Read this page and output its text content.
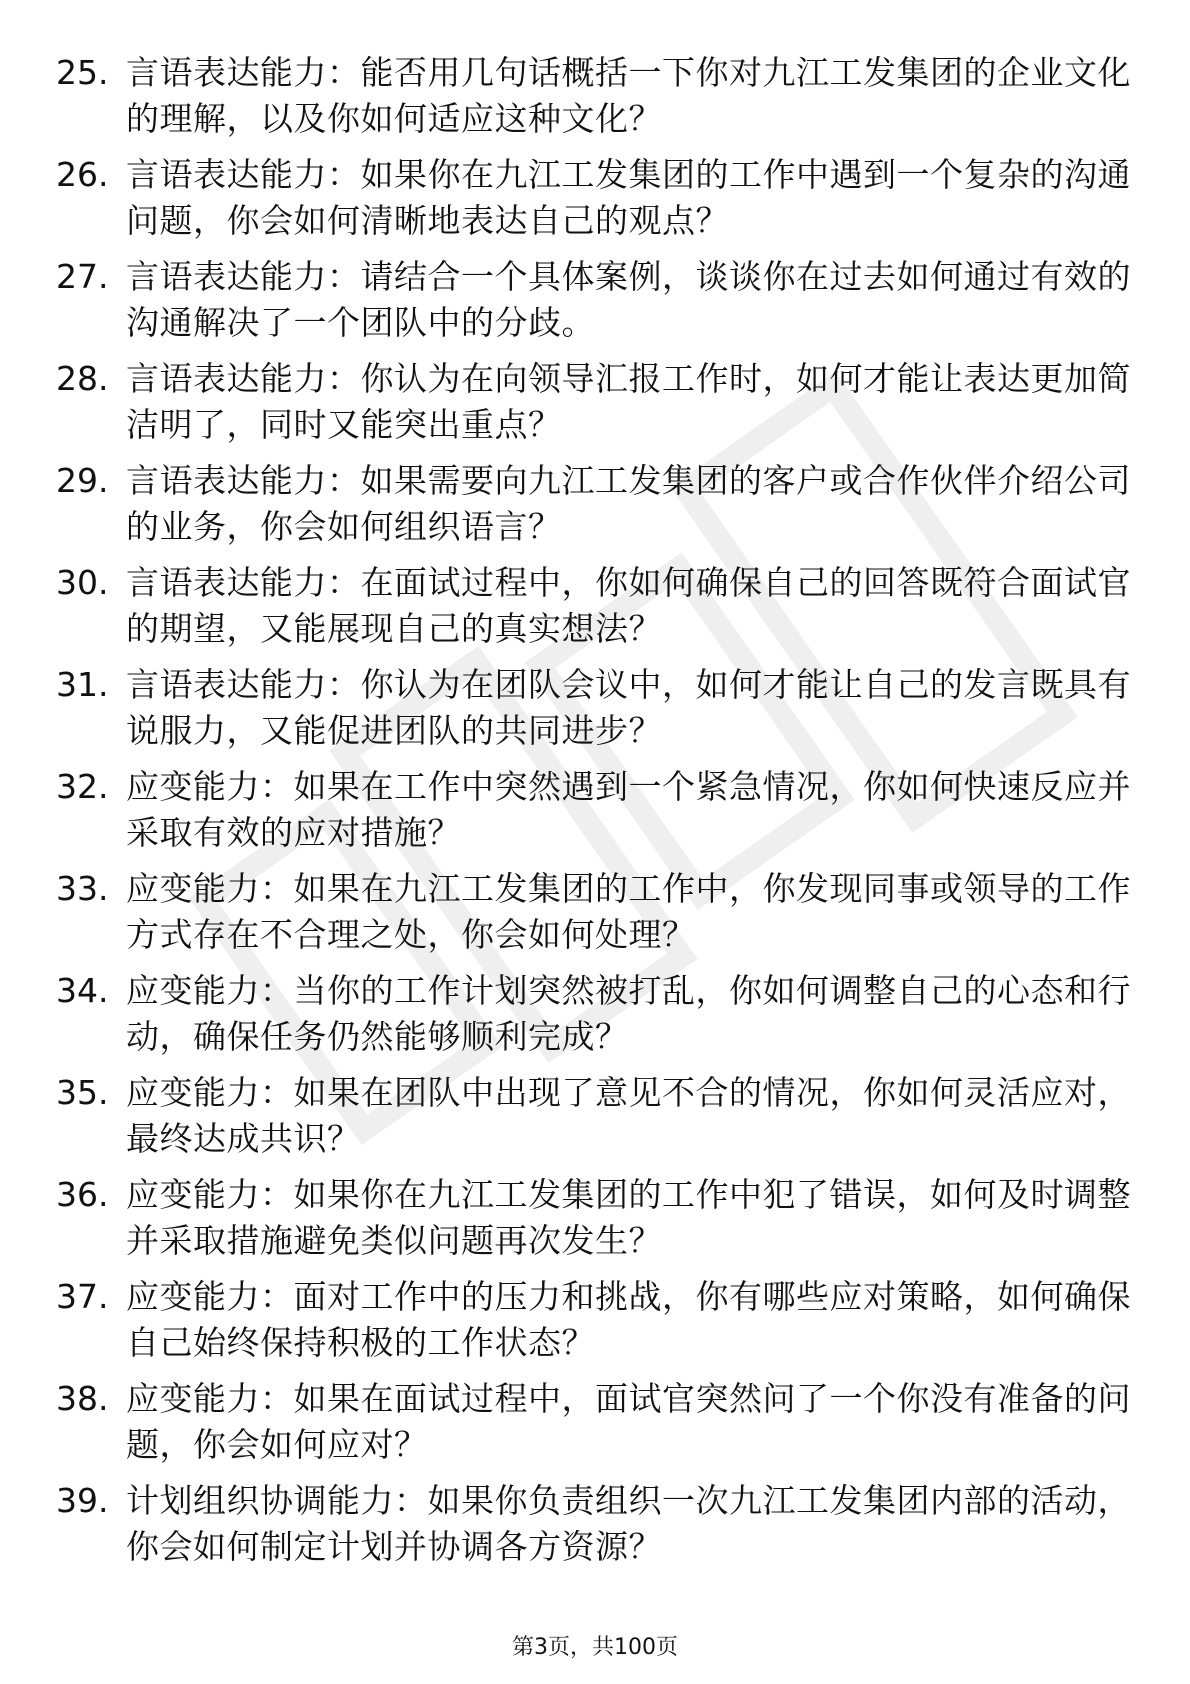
25. 言语表达能力：能否用几句话概括一下你对九江工发集团的企业文化的理解，以及你如何适应这种文化？
26. 言语表达能力：如果你在九江工发集团的工作中遇到一个复杂的沟通问题，你会如何清晰地表达自己的观点？
27. 言语表达能力：请结合一个具体案例，谈谈你在过去如何通过有效的沟通解决了一个团队中的分歧。
28. 言语表达能力：你认为在向领导汇报工作时，如何才能让表达更加简洁明了，同时又能突出重点？
29. 言语表达能力：如果需要向九江工发集团的客户或合作伙伴介绍公司的业务，你会如何组织语言？
30. 言语表达能力：在面试过程中，你如何确保自己的回答既符合面试官的期望，又能展现自己的真实想法？
31. 言语表达能力：你认为在团队会议中，如何才能让自己的发言既具有说服力，又能促进团队的共同进步？
32. 应变能力：如果在工作中突然遇到一个紧急情况，你如何快速反应并采取有效的应对措施？
33. 应变能力：如果在九江工发集团的工作中，你发现同事或领导的工作方式存在不合理之处，你会如何处理？
34. 应变能力：当你的工作计划突然被打乱，你如何调整自己的心态和行动，确保任务仍然能够顺利完成？
35. 应变能力：如果在团队中出现了意见不合的情况，你如何灵活应对，最终达成共识？
36. 应变能力：如果你在九江工发集团的工作中犯了错误，如何及时调整并采取措施避免类似问题再次发生？
37. 应变能力：面对工作中的压力和挑战，你有哪些应对策略，如何确保自己始终保持积极的工作状态？
38. 应变能力：如果在面试过程中，面试官突然问了一个你没有准备的问题，你会如何应对？
39. 计划组织协调能力：如果你负责组织一次九江工发集团内部的活动，你会如何制定计划并协调各方资源？
第3页，共100页
